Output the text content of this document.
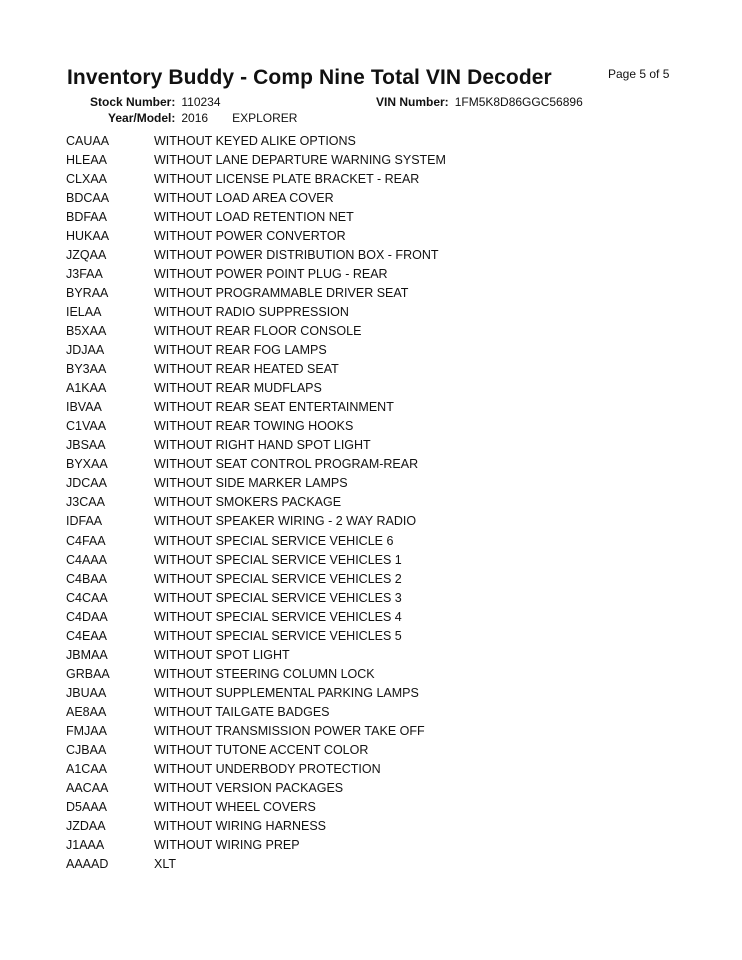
Inventory Buddy - Comp Nine Total VIN Decoder	Page 5 of 5
Stock Number: 110234	VIN Number: 1FM5K8D86GGC56896
Year/Model: 2016 EXPLORER
CAUAA	WITHOUT KEYED ALIKE OPTIONS
HLEAA	WITHOUT LANE DEPARTURE WARNING SYSTEM
CLXAA	WITHOUT LICENSE PLATE BRACKET - REAR
BDCAA	WITHOUT LOAD AREA COVER
BDFAA	WITHOUT LOAD RETENTION NET
HUKAA	WITHOUT POWER CONVERTOR
JZQAA	WITHOUT POWER DISTRIBUTION BOX - FRONT
J3FAA	WITHOUT POWER POINT PLUG - REAR
BYRAA	WITHOUT PROGRAMMABLE DRIVER SEAT
IELAA	WITHOUT RADIO SUPPRESSION
B5XAA	WITHOUT REAR FLOOR CONSOLE
JDJAA	WITHOUT REAR FOG LAMPS
BY3AA	WITHOUT REAR HEATED SEAT
A1KAA	WITHOUT REAR MUDFLAPS
IBVAA	WITHOUT REAR SEAT ENTERTAINMENT
C1VAA	WITHOUT REAR TOWING HOOKS
JBSAA	WITHOUT RIGHT HAND SPOT LIGHT
BYXAA	WITHOUT SEAT CONTROL PROGRAM-REAR
JDCAA	WITHOUT SIDE MARKER LAMPS
J3CAA	WITHOUT SMOKERS PACKAGE
IDFAA	WITHOUT SPEAKER WIRING - 2 WAY RADIO
C4FAA	WITHOUT SPECIAL SERVICE VEHICLE 6
C4AAA	WITHOUT SPECIAL SERVICE VEHICLES 1
C4BAA	WITHOUT SPECIAL SERVICE VEHICLES 2
C4CAA	WITHOUT SPECIAL SERVICE VEHICLES 3
C4DAA	WITHOUT SPECIAL SERVICE VEHICLES 4
C4EAA	WITHOUT SPECIAL SERVICE VEHICLES 5
JBMAA	WITHOUT SPOT LIGHT
GRBAA	WITHOUT STEERING COLUMN LOCK
JBUAA	WITHOUT SUPPLEMENTAL PARKING LAMPS
AE8AA	WITHOUT TAILGATE BADGES
FMJAA	WITHOUT TRANSMISSION POWER TAKE OFF
CJBAA	WITHOUT TUTONE ACCENT COLOR
A1CAA	WITHOUT UNDERBODY PROTECTION
AACAA	WITHOUT VERSION PACKAGES
D5AAA	WITHOUT WHEEL COVERS
JZDAA	WITHOUT WIRING HARNESS
J1AAA	WITHOUT WIRING PREP
AAAAD	XLT
